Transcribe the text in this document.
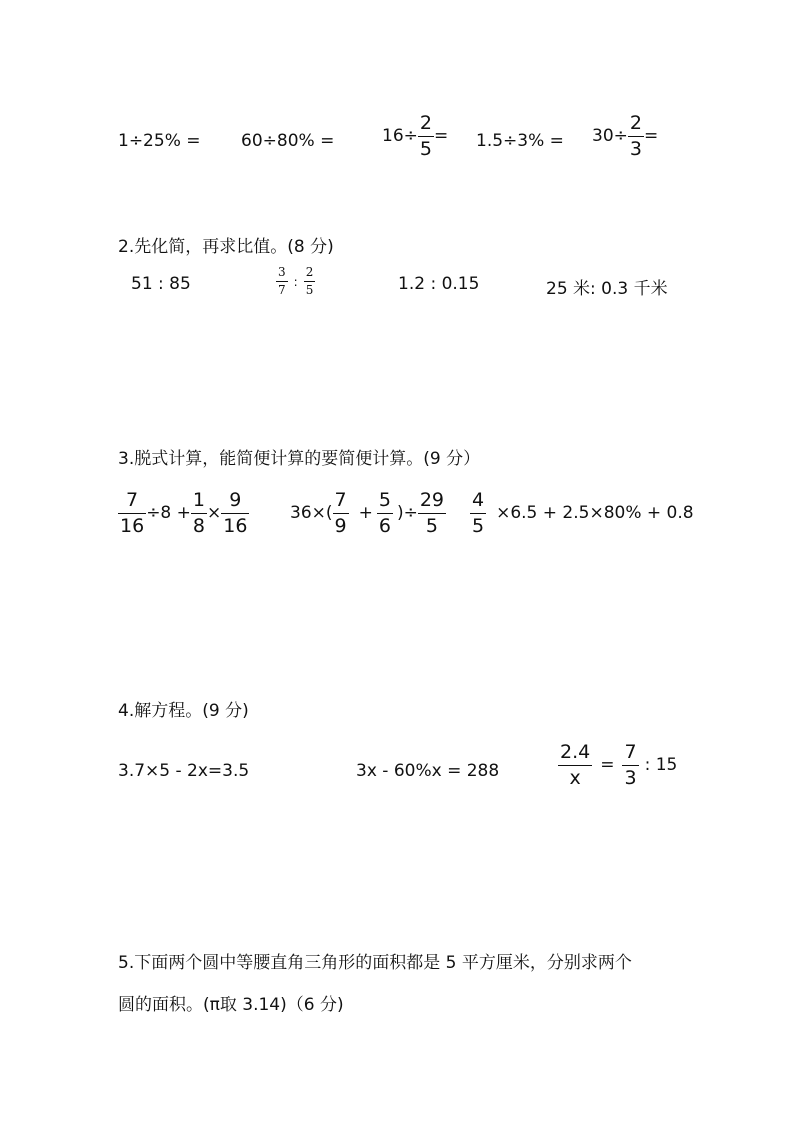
1÷25% = 60÷80% =	$16\div \frac{2}{5} = 1.5\div 3\% = 30\div \frac{2}{3}$ =
2.先化简，再求比值。(8 分)
51 : 85	$\frac{3}{7}$ : $\frac{2}{5}$	1.2 : 0.15	25 米: 0.3 千米
3.脱式计算，能简便计算的要简便计算。(9 分）
$\frac{7}{16} \div 8 + \frac{1}{8} \times \frac{9}{16} 36\times( \frac{7}{9} + \frac{5}{6}$ )÷ $\frac{29}{5} \frac{4}{5} \times 6.5 + 2.5\times 80\% + 0.8$
4.解方程。(9 分)
3.7×5 - 2x=3.5	3x - 60%x = 288	$\frac{2.4}{x} = \frac{7}{3}$ : 15
5.下面两个圆中等腰直角三角形的面积都是 5 平方厘米，分别求两个
圆的面积。(π取 3.14)（6 分)
